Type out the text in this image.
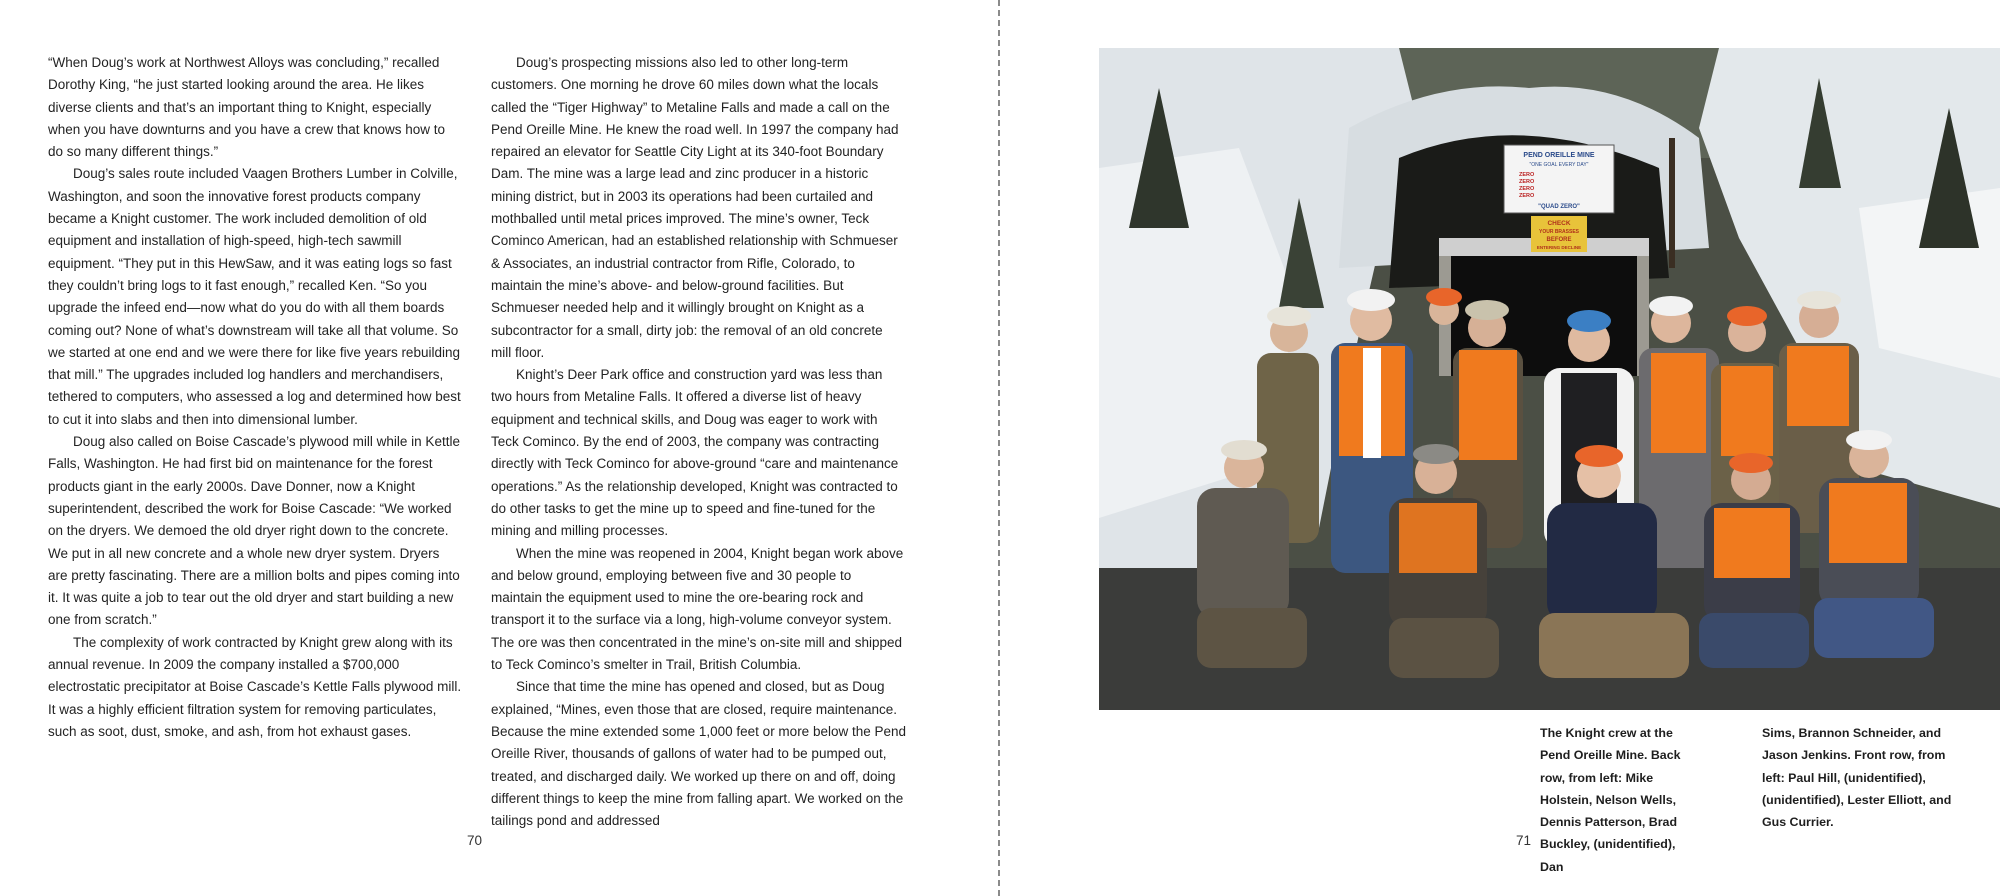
“When Doug’s work at Northwest Alloys was concluding,” recalled Dorothy King, “he just started looking around the area. He likes diverse clients and that’s an important thing to Knight, especially when you have downturns and you have a crew that knows how to do so many different things.”

Doug’s sales route included Vaagen Brothers Lumber in Colville, Washington, and soon the innovative forest products company became a Knight customer. The work included demolition of old equipment and installation of high-speed, high-tech sawmill equipment. “They put in this HewSaw, and it was eating logs so fast they couldn’t bring logs to it fast enough,” recalled Ken. “So you upgrade the infeed end—now what do you do with all them boards coming out? None of what’s downstream will take all that volume. So we started at one end and we were there for like five years rebuilding that mill.” The upgrades included log handlers and merchandisers, tethered to computers, who assessed a log and determined how best to cut it into slabs and then into dimensional lumber.

Doug also called on Boise Cascade’s plywood mill while in Kettle Falls, Washington. He had first bid on maintenance for the forest products giant in the early 2000s. Dave Donner, now a Knight superintendent, described the work for Boise Cascade: “We worked on the dryers. We demoed the old dryer right down to the concrete. We put in all new concrete and a whole new dryer system. Dryers are pretty fascinating. There are a million bolts and pipes coming into it. It was quite a job to tear out the old dryer and start building a new one from scratch.”

The complexity of work contracted by Knight grew along with its annual revenue. In 2009 the company installed a $700,000 electrostatic precipitator at Boise Cascade’s Kettle Falls plywood mill. It was a highly efficient filtration system for removing particulates, such as soot, dust, smoke, and ash, from hot exhaust gases.

Doug’s prospecting missions also led to other long-term customers. One morning he drove 60 miles down what the locals called the “Tiger Highway” to Metaline Falls and made a call on the Pend Oreille Mine. He knew the road well. In 1997 the company had repaired an elevator for Seattle City Light at its 340-foot Boundary Dam. The mine was a large lead and zinc producer in a historic mining district, but in 2003 its operations had been curtailed and mothballed until metal prices improved. The mine’s owner, Teck Cominco American, had an established relationship with Schmueser & Associates, an industrial contractor from Rifle, Colorado, to maintain the mine’s above- and below-ground facilities. But Schmueser needed help and it willingly brought on Knight as a subcontractor for a small, dirty job: the removal of an old concrete mill floor.

Knight’s Deer Park office and construction yard was less than two hours from Metaline Falls. It offered a diverse list of heavy equipment and technical skills, and Doug was eager to work with Teck Cominco. By the end of 2003, the company was contracting directly with Teck Cominco for above-ground “care and maintenance operations.” As the relationship developed, Knight was contracted to do other tasks to get the mine up to speed and fine-tuned for the mining and milling processes.

When the mine was reopened in 2004, Knight began work above and below ground, employing between five and 30 people to maintain the equipment used to mine the ore-bearing rock and transport it to the surface via a long, high-volume conveyor system. The ore was then concentrated in the mine’s on-site mill and shipped to Teck Cominco’s smelter in Trail, British Columbia.

Since that time the mine has opened and closed, but as Doug explained, “Mines, even those that are closed, require maintenance. Because the mine extended some 1,000 feet or more below the Pend Oreille River, thousands of gallons of water had to be pumped out, treated, and discharged daily. We worked up there on and off, doing different things to keep the mine from falling apart. We worked on the tailings pond and addressed

70
PEND OREILLE MINE
"ONE GOAL EVERY DAY"
ZERO
ZERO
ZERO
ZERO
"QUAD ZERO"
CHECK
YOUR BRASSES
BEFORE
ENTERING DECLINE
The Knight crew at the Pend Oreille Mine. Back row, from left: Mike Holstein, Nelson Wells, Dennis Patterson, Brad Buckley, (unidentified), Dan
Sims, Brannon Schneider, and Jason Jenkins. Front row, from left: Paul Hill, (unidentified), (unidentified), Lester Elliott, and Gus Currier.
71
